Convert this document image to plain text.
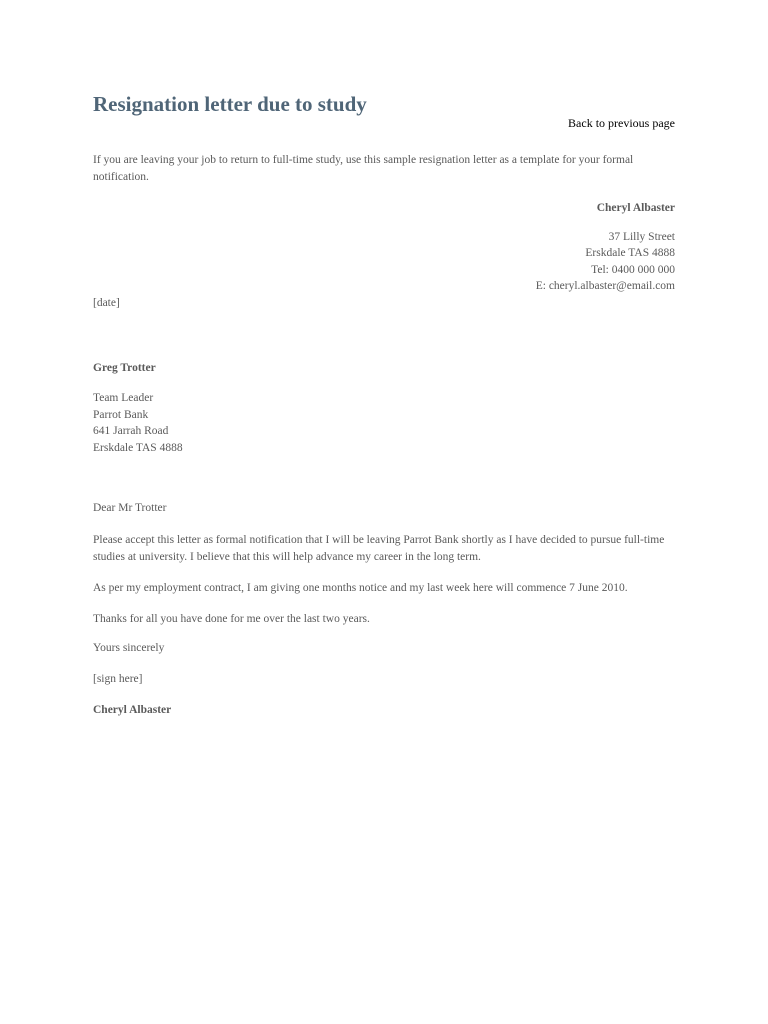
Resignation letter due to study
Back to previous page

If you are leaving your job to return to full-time study, use this sample resignation letter as a template for your formal notification.

Cheryl Albaster

37 Lilly Street

Erskdale TAS 4888

Tel: 0400 000 000

E: cheryl.albaster@email.com

[date]

Greg Trotter

Team Leader

Parrot Bank

641 Jarrah Road

Erskdale TAS 4888

Dear Mr Trotter

Please accept this letter as formal notification that I will be leaving Parrot Bank shortly as I have decided to pursue full-time studies at university. I believe that this will help advance my career in the long term.

As per my employment contract, I am giving one months notice and my last week here will commence 7 June 2010.

Thanks for all you have done for me over the last two years.

Yours sincerely

[sign here]

Cheryl Albaster
